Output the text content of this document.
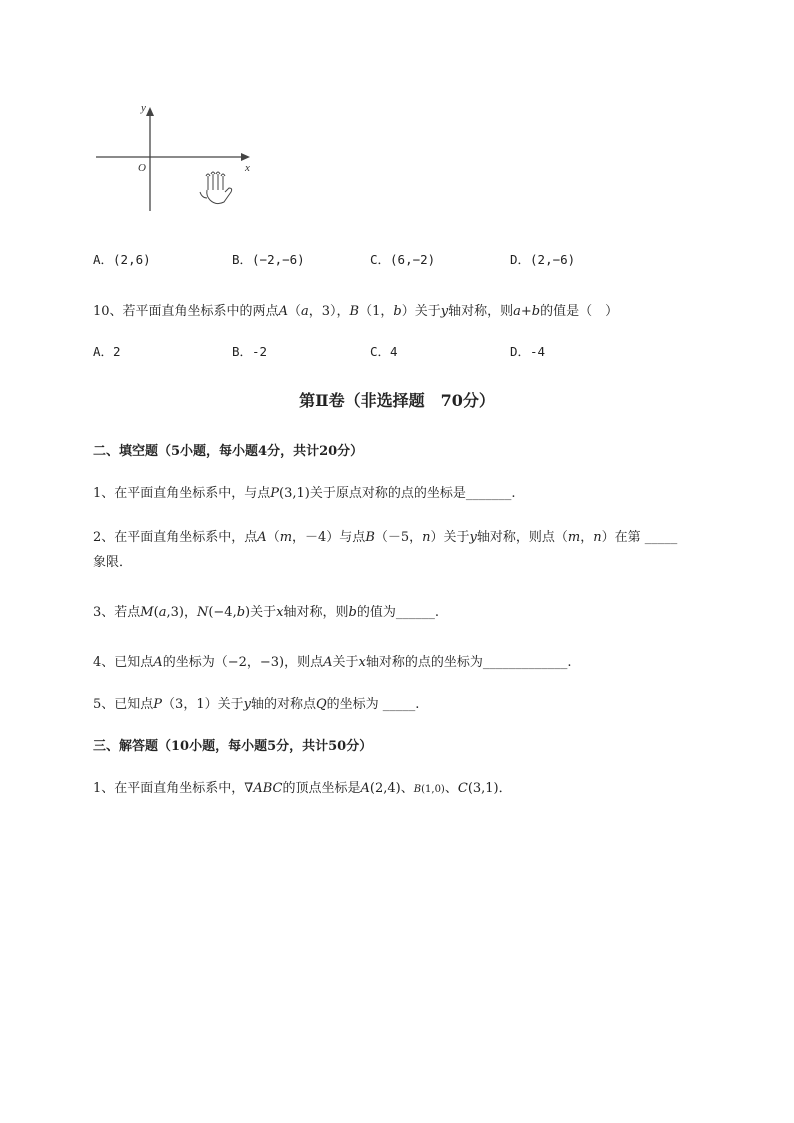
y
x
O
A．(2,6)	B．(−2,−6)	C．(6,−2)	D．(2,−6)
10、若平面直角坐标系中的两点A（a，3），B（1，b）关于y轴对称，则a+b的值是（　）
A．2	B．-2	C．4	D．-4
第Ⅱ卷（非选择题　70分）
二、填空题（5小题，每小题4分，共计20分）
1、在平面直角坐标系中，与点P(3,1)关于原点对称的点的坐标是_______.
2、在平面直角坐标系中，点A（m，－4）与点B（－5，n）关于y轴对称，则点（m，n）在第 _____
象限．
3、若点M(a,3)，N(−4,b)关于x轴对称，则b的值为______.
4、已知点A的坐标为（−2，−3)，则点A关于x轴对称的点的坐标为_____________.
5、已知点P（3，1）关于y轴的对称点Q的坐标为 _____.
三、解答题（10小题，每小题5分，共计50分）
1、在平面直角坐标系中，∇ABC的顶点坐标是A(2,4)、B(1,0)、C(3,1)．
